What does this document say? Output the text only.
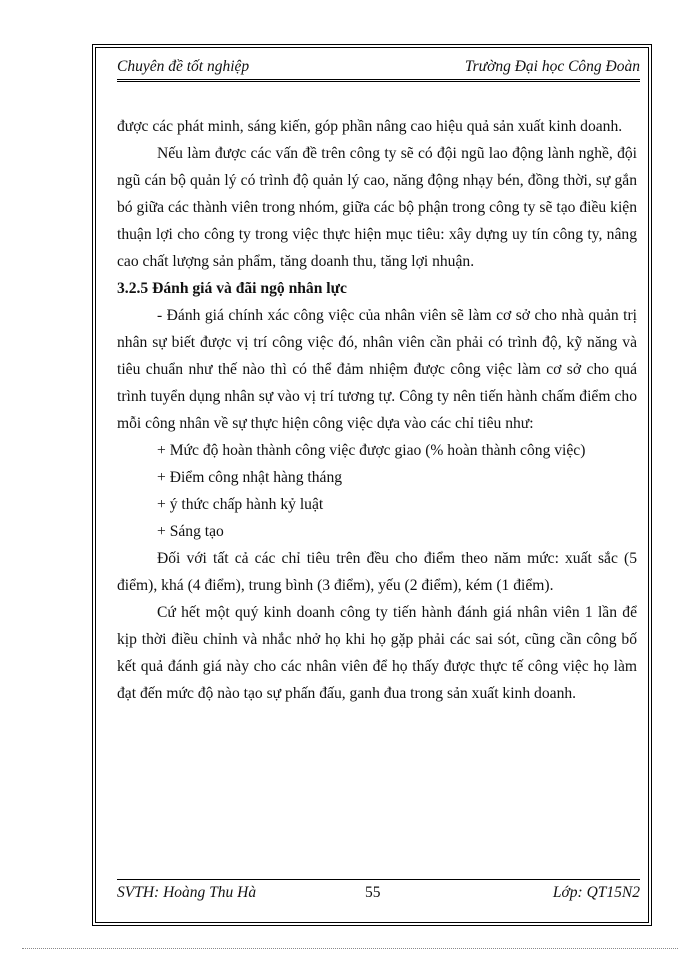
Chuyên đề tốt nghiệp	Trường Đại học Công Đoàn

được các phát minh, sáng kiến, góp phần nâng cao hiệu quả sản xuất kinh doanh.

Nếu làm được các vấn đề trên công ty sẽ có đội ngũ lao động lành nghề, đội ngũ cán bộ quản lý có trình độ quản lý cao, năng động nhạy bén, đồng thời, sự gắn bó giữa các thành viên trong nhóm, giữa các bộ phận trong công ty sẽ tạo điều kiện thuận lợi cho công ty trong việc thực hiện mục tiêu: xây dựng uy tín công ty, nâng cao chất lượng sản phẩm, tăng doanh thu, tăng lợi nhuận.

3.2.5 Đánh giá và đãi ngộ nhân lực

- Đánh giá chính xác công việc của nhân viên sẽ làm cơ sở cho nhà quản trị nhân sự biết được vị trí công việc đó, nhân viên cần phải có trình độ, kỹ năng và tiêu chuẩn như thế nào thì có thể đảm nhiệm được công việc làm cơ sở cho quá trình tuyển dụng nhân sự vào vị trí tương tự. Công ty nên tiến hành chấm điểm cho mỗi công nhân về sự thực hiện công việc dựa vào các chỉ tiêu như:

+ Mức độ hoàn thành công việc được giao (% hoàn thành công việc)

+ Điểm công nhật hàng tháng

+ ý thức chấp hành kỷ luật

+ Sáng tạo

Đối với tất cả các chỉ tiêu trên đều cho điểm theo năm mức: xuất sắc (5 điểm), khá (4 điểm), trung bình (3 điểm), yếu (2 điểm), kém (1 điểm).

Cứ hết một quý kinh doanh công ty tiến hành đánh giá nhân viên 1 lần để kịp thời điều chỉnh và nhắc nhở họ khi họ gặp phải các sai sót, cũng cần công bố kết quả đánh giá này cho các nhân viên để họ thấy được thực tế công việc họ làm đạt đến mức độ nào tạo sự phấn đấu, ganh đua trong sản xuất kinh doanh.

SVTH: Hoàng Thu Hà	55	Lớp: QT15N2
